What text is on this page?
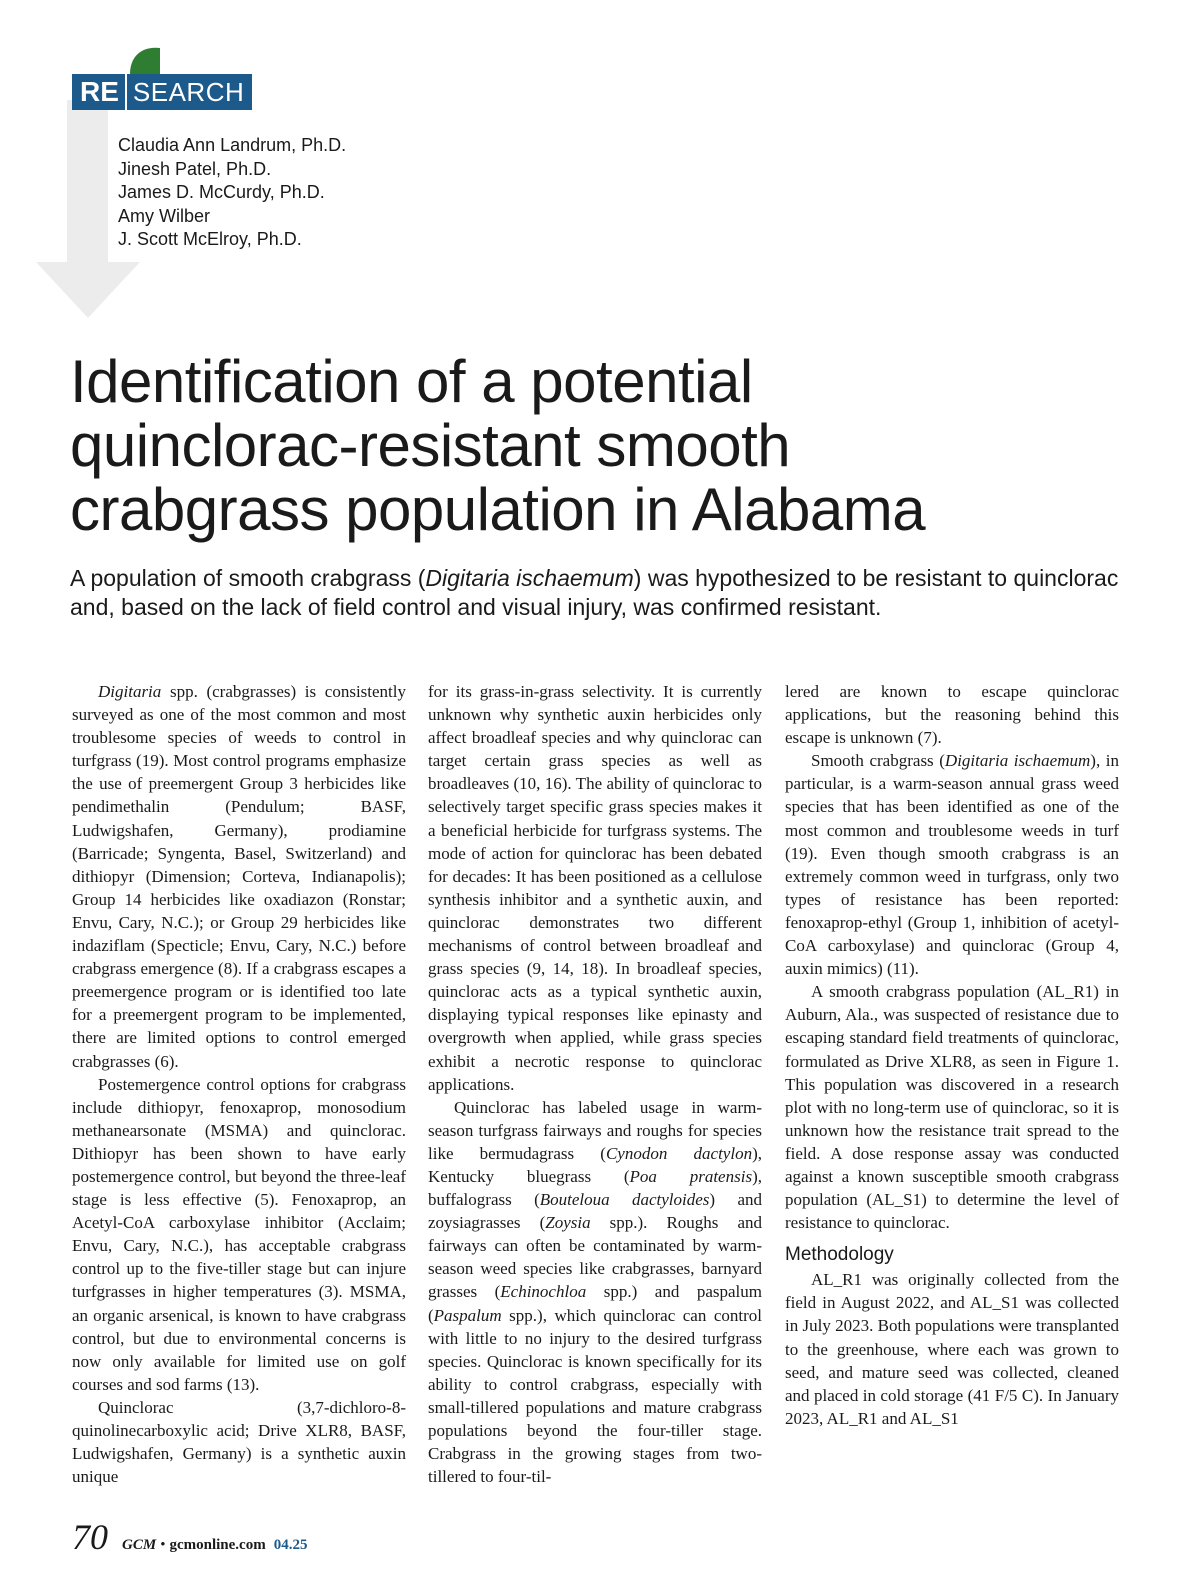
RE SEARCH
Claudia Ann Landrum, Ph.D.
Jinesh Patel, Ph.D.
James D. McCurdy, Ph.D.
Amy Wilber
J. Scott McElroy, Ph.D.
Identification of a potential
quinclorac-resistant smooth
crabgrass population in Alabama

A population of smooth crabgrass (Digitaria ischaemum) was hypothesized to be resistant to quinclorac and, based on the lack of field control and visual injury, was confirmed resistant.

Digitaria spp. (crabgrasses) is consistently surveyed as one of the most common and most troublesome species of weeds to control in turfgrass (19). Most control programs emphasize the use of preemergent Group 3 herbicides like pendimethalin (Pendulum; BASF, Ludwigshafen, Germany), prodiamine (Barricade; Syngenta, Basel, Switzerland) and dithiopyr (Dimension; Corteva, Indianapolis); Group 14 herbicides like oxadiazon (Ronstar; Envu, Cary, N.C.); or Group 29 herbicides like indaziflam (Specticle; Envu, Cary, N.C.) before crabgrass emergence (8). If a crabgrass escapes a preemergence program or is identified too late for a preemergent program to be implemented, there are limited options to control emerged crabgrasses (6).

Postemergence control options for crabgrass include dithiopyr, fenoxaprop, monosodium methanearsonate (MSMA) and quinclorac. Dithiopyr has been shown to have early postemergence control, but beyond the three-leaf stage is less effective (5). Fenoxaprop, an Acetyl-CoA carboxylase inhibitor (Acclaim; Envu, Cary, N.C.), has acceptable crabgrass control up to the five-tiller stage but can injure turfgrasses in higher temperatures (3). MSMA, an organic arsenical, is known to have crabgrass control, but due to environmental concerns is now only available for limited use on golf courses and sod farms (13).

Quinclorac (3,7-dichloro-8-quinolinecarboxylic acid; Drive XLR8, BASF, Ludwigshafen, Germany) is a synthetic auxin unique

for its grass-in-grass selectivity. It is currently unknown why synthetic auxin herbicides only affect broadleaf species and why quinclorac can target certain grass species as well as broadleaves (10, 16). The ability of quinclorac to selectively target specific grass species makes it a beneficial herbicide for turfgrass systems. The mode of action for quinclorac has been debated for decades: It has been positioned as a cellulose synthesis inhibitor and a synthetic auxin, and quinclorac demonstrates two different mechanisms of control between broadleaf and grass species (9, 14, 18). In broadleaf species, quinclorac acts as a typical synthetic auxin, displaying typical responses like epinasty and overgrowth when applied, while grass species exhibit a necrotic response to quinclorac applications.

Quinclorac has labeled usage in warm-season turfgrass fairways and roughs for species like bermudagrass (Cynodon dactylon), Kentucky bluegrass (Poa pratensis), buffalograss (Bouteloua dactyloides) and zoysiagrasses (Zoysia spp.). Roughs and fairways can often be contaminated by warm-season weed species like crabgrasses, barnyard grasses (Echinochloa spp.) and paspalum (Paspalum spp.), which quinclorac can control with little to no injury to the desired turfgrass species. Quinclorac is known specifically for its ability to control crabgrass, especially with small-tillered populations and mature crabgrass populations beyond the four-tiller stage. Crabgrass in the growing stages from two-tillered to four-til-

lered are known to escape quinclorac applications, but the reasoning behind this escape is unknown (7).

Smooth crabgrass (Digitaria ischaemum), in particular, is a warm-season annual grass weed species that has been identified as one of the most common and troublesome weeds in turf (19). Even though smooth crabgrass is an extremely common weed in turfgrass, only two types of resistance has been reported: fenoxaprop-ethyl (Group 1, inhibition of acetyl-CoA carboxylase) and quinclorac (Group 4, auxin mimics) (11).

A smooth crabgrass population (AL_R1) in Auburn, Ala., was suspected of resistance due to escaping standard field treatments of quinclorac, formulated as Drive XLR8, as seen in Figure 1. This population was discovered in a research plot with no long-term use of quinclorac, so it is unknown how the resistance trait spread to the field. A dose response assay was conducted against a known susceptible smooth crabgrass population (AL_S1) to determine the level of resistance to quinclorac.

Methodology

AL_R1 was originally collected from the field in August 2022, and AL_S1 was collected in July 2023. Both populations were transplanted to the greenhouse, where each was grown to seed, and mature seed was collected, cleaned and placed in cold storage (41 F/5 C). In January 2023, AL_R1 and AL_S1

70 GCM • gcmonline.com 04.25
